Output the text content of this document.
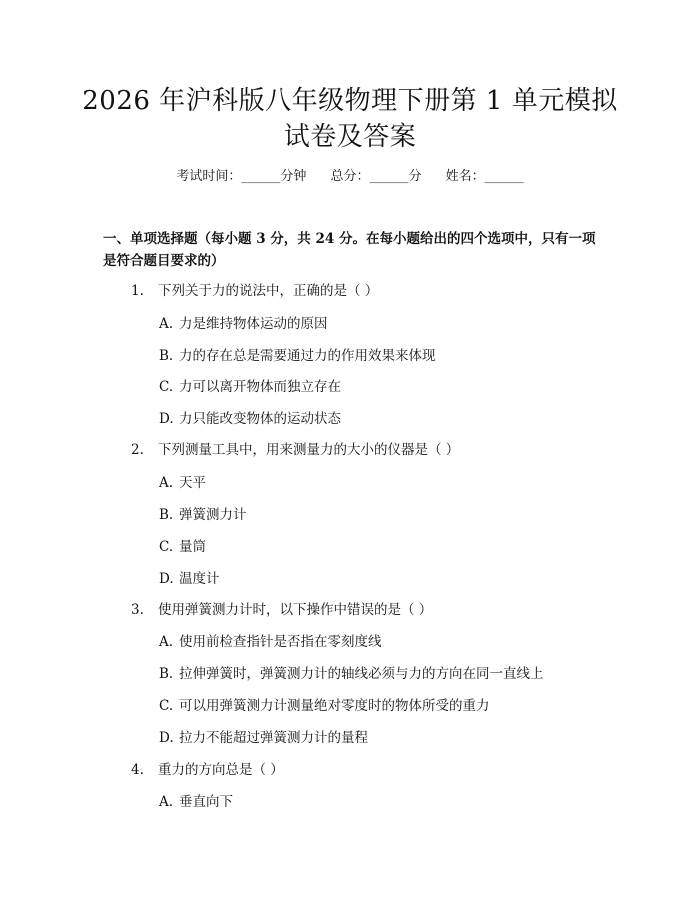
2026 年沪科版八年级物理下册第 1 单元模拟
试卷及答案
考试时间：______分钟 总分：______分 姓名：______
一、单项选择题（每小题 3 分，共 24 分。在每小题给出的四个选项中，只有一项是符合题目要求的）
1. 下列关于力的说法中，正确的是（ ）
A. 力是维持物体运动的原因
B. 力的存在总是需要通过力的作用效果来体现
C. 力可以离开物体而独立存在
D. 力只能改变物体的运动状态
2. 下列测量工具中，用来测量力的大小的仪器是（ ）
A. 天平
B. 弹簧测力计
C. 量筒
D. 温度计
3. 使用弹簧测力计时，以下操作中错误的是（ ）
A. 使用前检查指针是否指在零刻度线
B. 拉伸弹簧时，弹簧测力计的轴线必须与力的方向在同一直线上
C. 可以用弹簧测力计测量绝对零度时的物体所受的重力
D. 拉力不能超过弹簧测力计的量程
4. 重力的方向总是（ ）
A. 垂直向下
